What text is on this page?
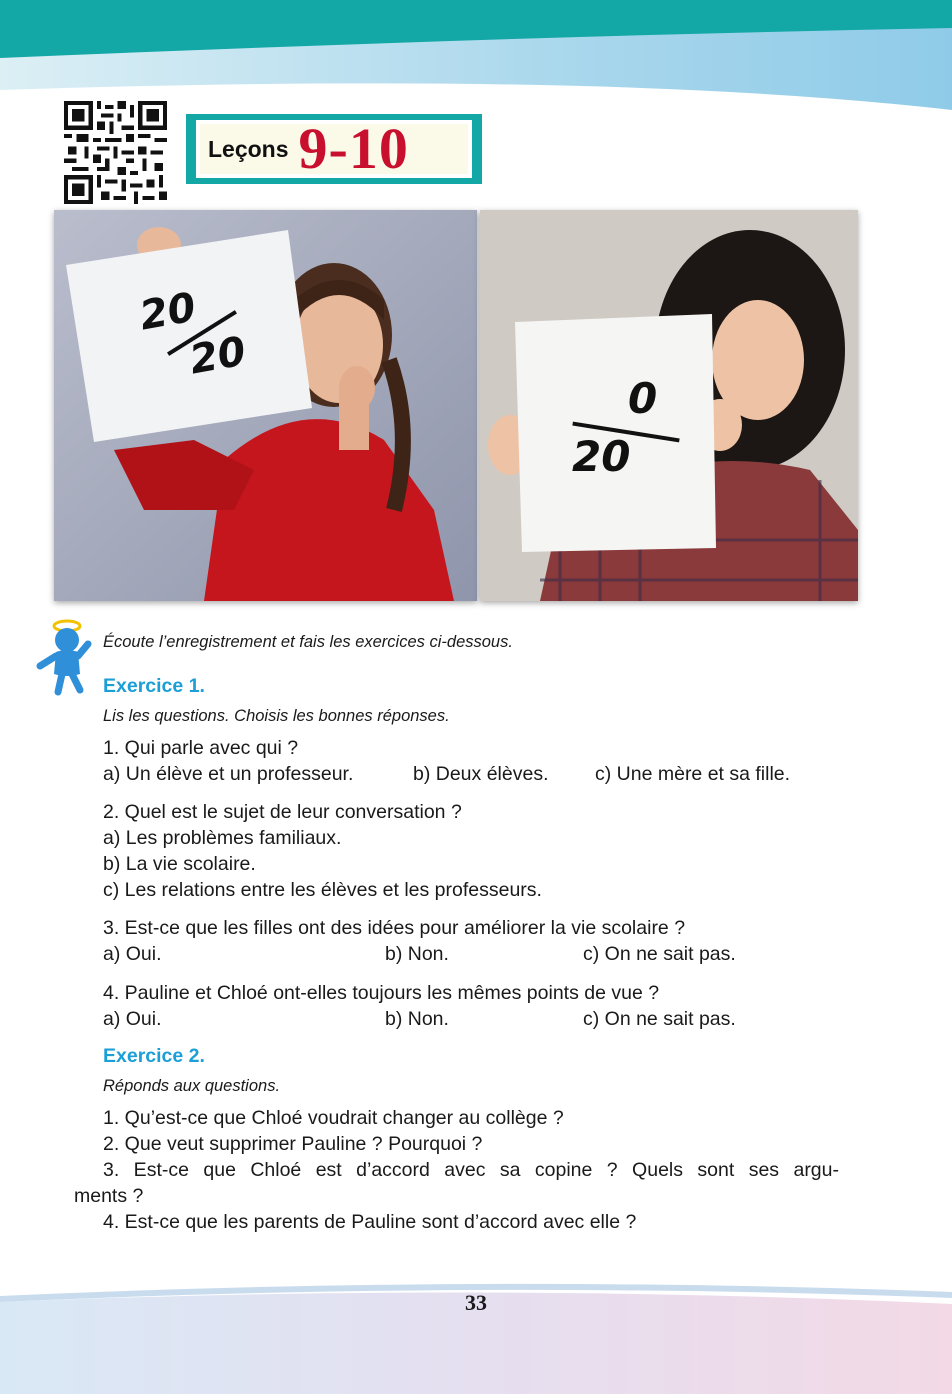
Leçons 9-10
20
20
0
20
Écoute l’enregistrement et fais les exercices ci-dessous.
Exercice 1.
Lis les questions. Choisis les bonnes réponses.
1. Qui parle avec qui ?
a) Un élève et un professeur.	b) Deux élèves. c) Une mère et sa fille.
2. Quel est le sujet de leur conversation ?
a) Les problèmes familiaux.
b) La vie scolaire.
c) Les relations entre les élèves et les professeurs.
3. Est-ce que les filles ont des idées pour améliorer la vie scolaire ?
a) Oui.	b) Non.	c) On ne sait pas.
4. Pauline et Chloé ont-elles toujours les mêmes points de vue ?
a) Oui.	b) Non.	c) On ne sait pas.
Exercice 2.
Réponds aux questions.
1. Qu’est-ce que Chloé voudrait changer au collège ?
2. Que veut supprimer Pauline ? Pourquoi ?
3. Est-ce que Chloé est d’accord avec sa copine ? Quels sont ses argu-
ments ?
4. Est-ce que les parents de Pauline sont d’accord avec elle ?
33
